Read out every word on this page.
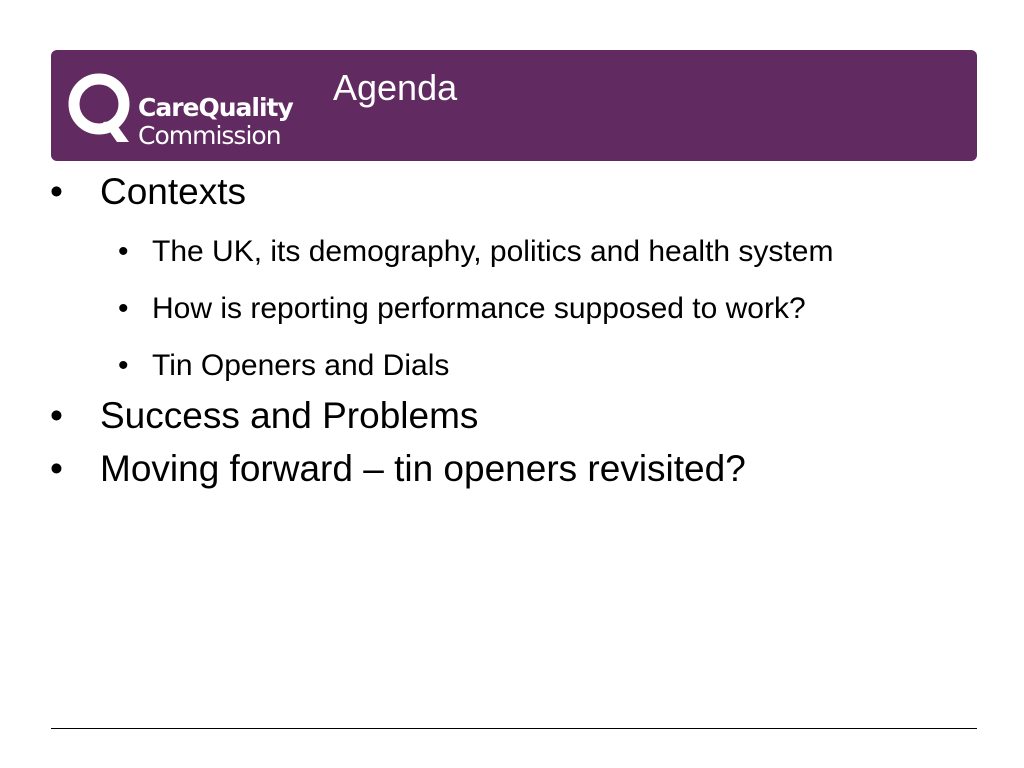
CareQuality
Commission
Agenda
• Contexts
• The UK, its demography, politics and health system
• How is reporting performance supposed to work?
• Tin Openers and Dials
• Success and Problems
• Moving forward – tin openers revisited?
